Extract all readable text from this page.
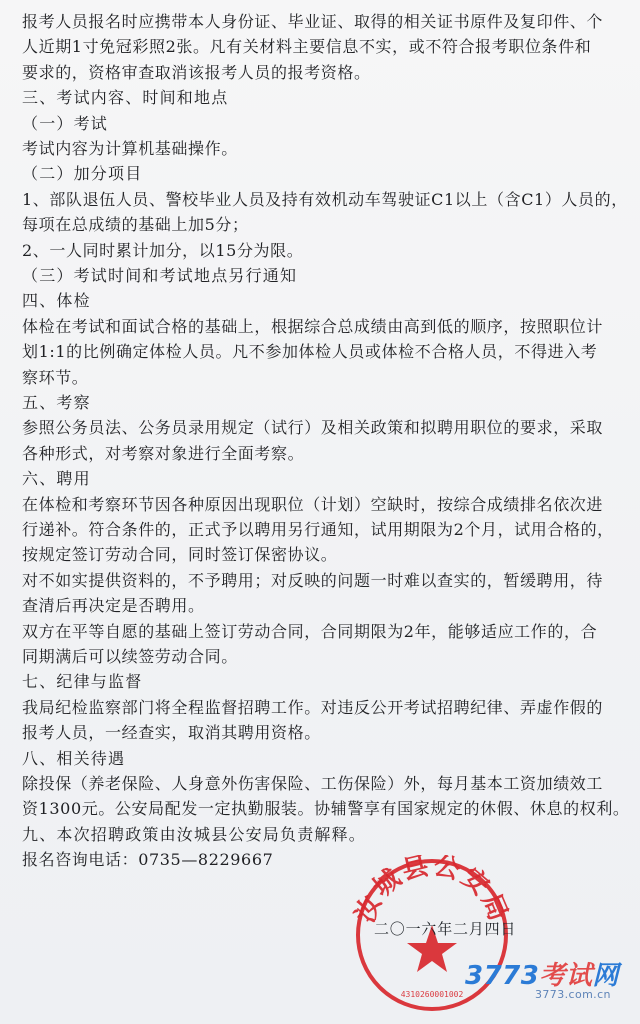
报考人员报名时应携带本人身份证、毕业证、取得的相关证书原件及复印件、个
人近期1寸免冠彩照2张。凡有关材料主要信息不实，或不符合报考职位条件和
要求的，资格审查取消该报考人员的报考资格。
三、考试内容、时间和地点
（一）考试
考试内容为计算机基础操作。
（二）加分项目
1、部队退伍人员、警校毕业人员及持有效机动车驾驶证C1以上（含C1）人员的，
每项在总成绩的基础上加5分；
2、一人同时累计加分，以15分为限。
（三）考试时间和考试地点另行通知
四、体检
体检在考试和面试合格的基础上，根据综合总成绩由高到低的顺序，按照职位计
划1:1的比例确定体检人员。凡不参加体检人员或体检不合格人员，不得进入考
察环节。
五、考察
参照公务员法、公务员录用规定（试行）及相关政策和拟聘用职位的要求，采取
各种形式，对考察对象进行全面考察。
六、聘用
在体检和考察环节因各种原因出现职位（计划）空缺时，按综合成绩排名依次进
行递补。符合条件的，正式予以聘用另行通知，试用期限为2个月，试用合格的，
按规定签订劳动合同，同时签订保密协议。
对不如实提供资料的，不予聘用；对反映的问题一时难以查实的，暂缓聘用，待
查清后再决定是否聘用。
双方在平等自愿的基础上签订劳动合同，合同期限为2年，能够适应工作的，合
同期满后可以续签劳动合同。
七、纪律与监督
我局纪检监察部门将全程监督招聘工作。对违反公开考试招聘纪律、弄虚作假的
报考人员，一经查实，取消其聘用资格。
八、相关待遇
除投保（养老保险、人身意外伤害保险、工伤保险）外，每月基本工资加绩效工
资1300元。公安局配发一定执勤服装。协辅警享有国家规定的休假、休息的权利。
九、本次招聘政策由汝城县公安局负责解释。
报名咨询电话：0735—8229667
汝城县公安局
4310260001002
二〇一六年二月四日
3773考试网
3773.com.cn
